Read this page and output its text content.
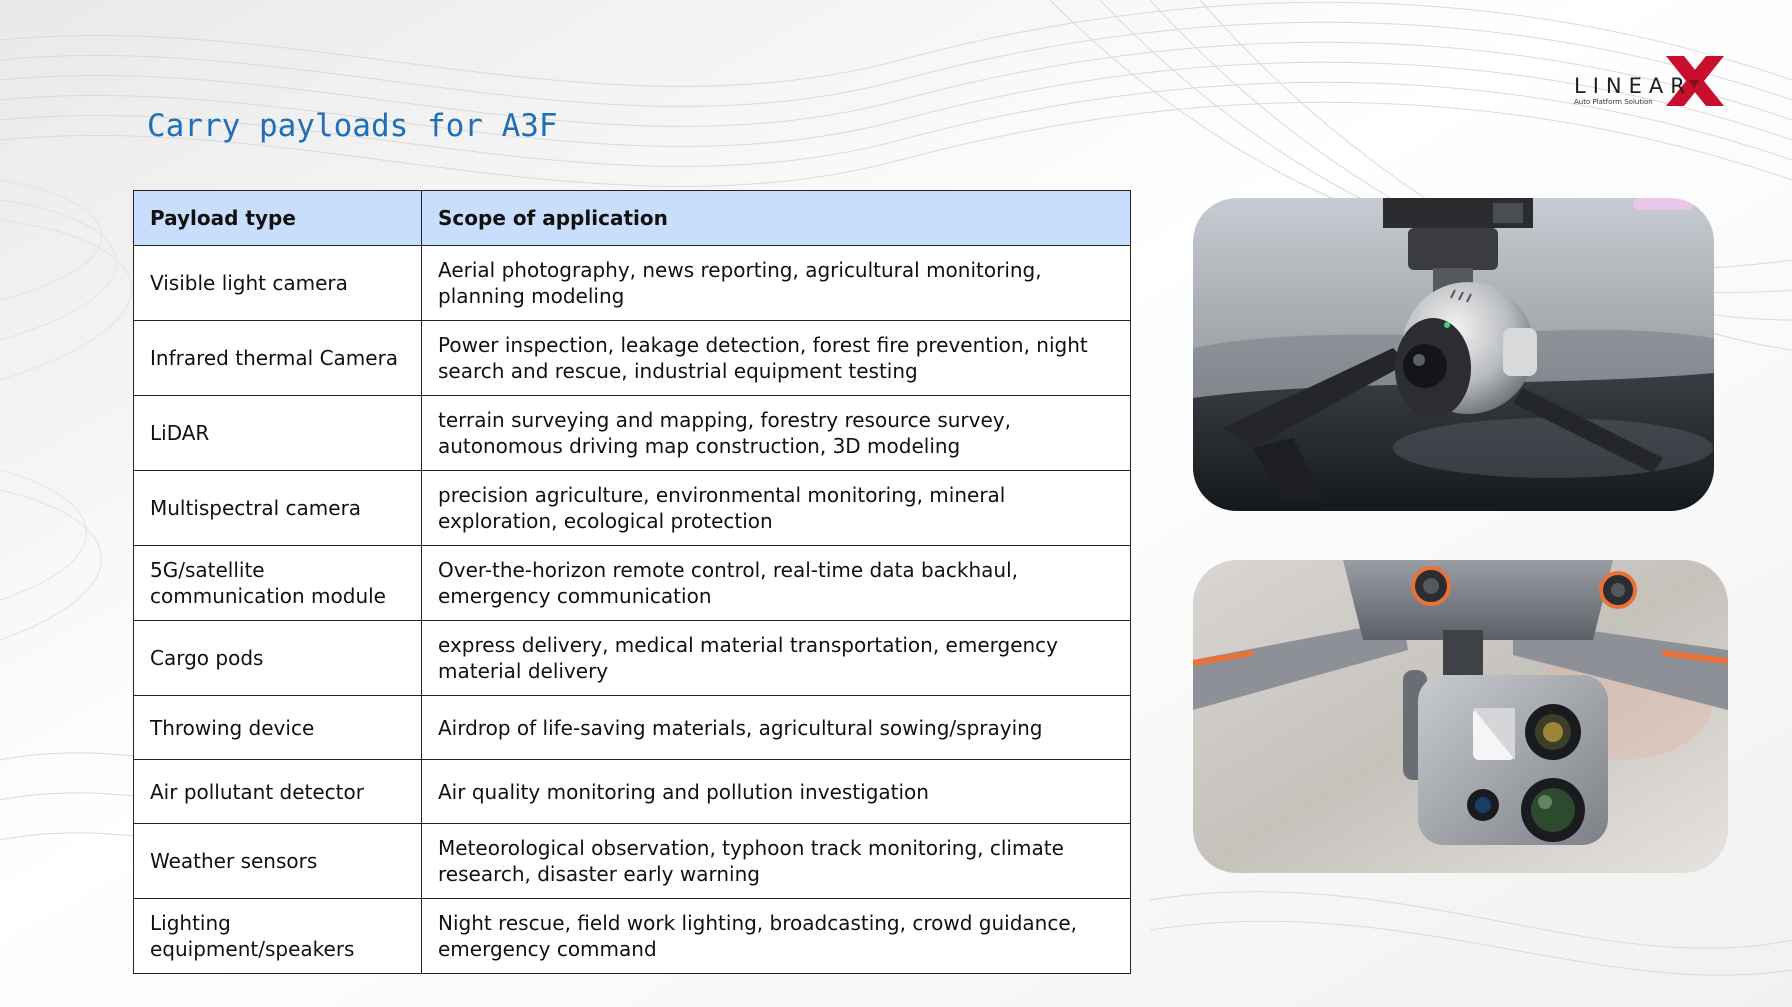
Carry payloads for A3F
LINEAR
Auto Platform Solution
Payload type	Scope of application
Visible light camera	Aerial photography, news reporting, agricultural monitoring, planning modeling
Infrared thermal Camera	Power inspection, leakage detection, forest fire prevention, night search and rescue, industrial equipment testing
LiDAR	terrain surveying and mapping, forestry resource survey, autonomous driving map construction, 3D modeling
Multispectral camera	precision agriculture, environmental monitoring, mineral exploration, ecological protection
5G/satellite communication module	Over-the-horizon remote control, real-time data backhaul, emergency communication
Cargo pods	express delivery, medical material transportation, emergency material delivery
Throwing device	Airdrop of life-saving materials, agricultural sowing/spraying
Air pollutant detector	Air quality monitoring and pollution investigation
Weather sensors	Meteorological observation, typhoon track monitoring, climate research, disaster early warning
Lighting equipment/speakers	Night rescue, field work lighting, broadcasting, crowd guidance, emergency command
